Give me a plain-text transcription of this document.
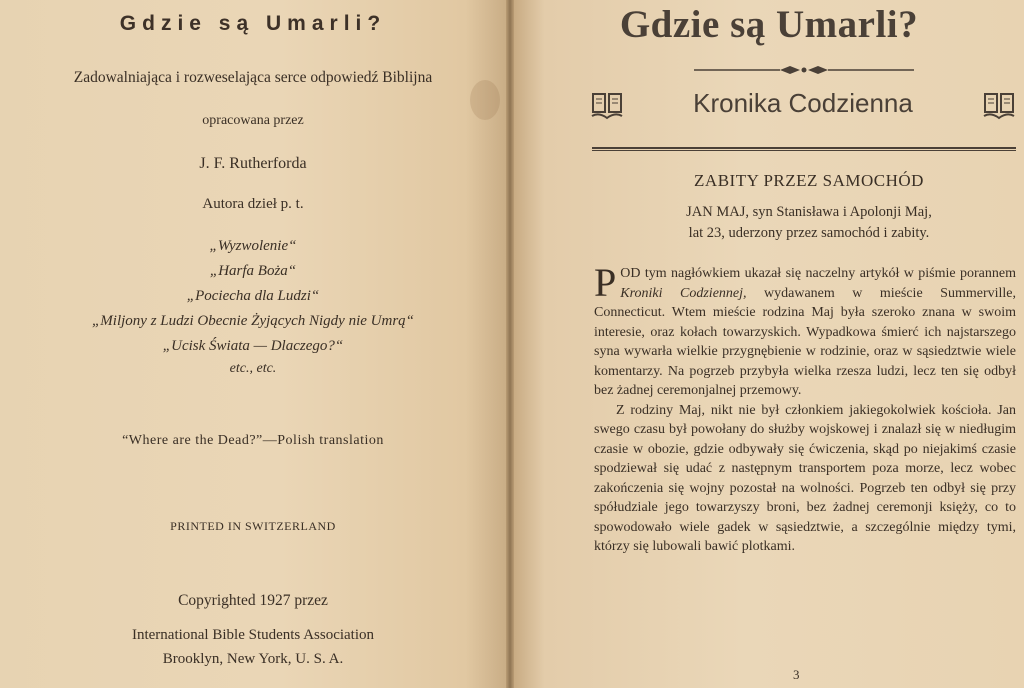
Gdzie są Umarli?
Zadowalniająca i rozweselająca serce odpowiedź Biblijna
opracowana przez
J. F. Rutherforda
Autora dzieł p. t.
„Wyzwolenie“
„Harfa Boża“
„Pociecha dla Ludzi“
„Miljony z Ludzi Obecnie Żyjących Nigdy nie Umrą“
„Ucisk Świata — Dlaczego?“
etc., etc.
“Where are the Dead?”—Polish translation
PRINTED IN SWITZERLAND
Copyrighted 1927 przez
International Bible Students Association
Brooklyn, New York, U. S. A.
Gdzie są Umarli?
Kronika Codzienna
ZABITY PRZEZ SAMOCHÓD
JAN MAJ, syn Stanisława i Apolonji Maj,
lat 23, uderzony przez samochód i zabity.

POD tym nagłówkiem ukazał się naczelny artykół w piśmie porannem Kroniki Codziennej, wydawanem w mieście Summerville, Connecticut. Wtem mieście rodzina Maj była szeroko znana w swoim interesie, oraz kołach towarzyskich. Wypadkowa śmierć ich najstarszego syna wywarła wielkie przygnębienie w rodzinie, oraz w sąsiedztwie wiele komentarzy. Na pogrzeb przybyła wielka rzesza ludzi, lecz ten się odbył bez żadnej ceremonjalnej przemowy.

Z rodziny Maj, nikt nie był członkiem jakiegokolwiek kościoła. Jan swego czasu był powołany do służby wojskowej i znalazł się w niedługim czasie w obozie, gdzie odbywały się ćwiczenia, skąd po niejakimś czasie spodziewał się udać z następnym transportem poza morze, lecz wobec zakończenia się wojny pozostał na wolności. Pogrzeb ten odbył się przy spółudziale jego towarzyszy broni, bez żadnej ceremonji księży, co to spowodowało wiele gadek w sąsiedztwie, a szczególnie między tymi, którzy się lubowali bawić plotkami.

3
